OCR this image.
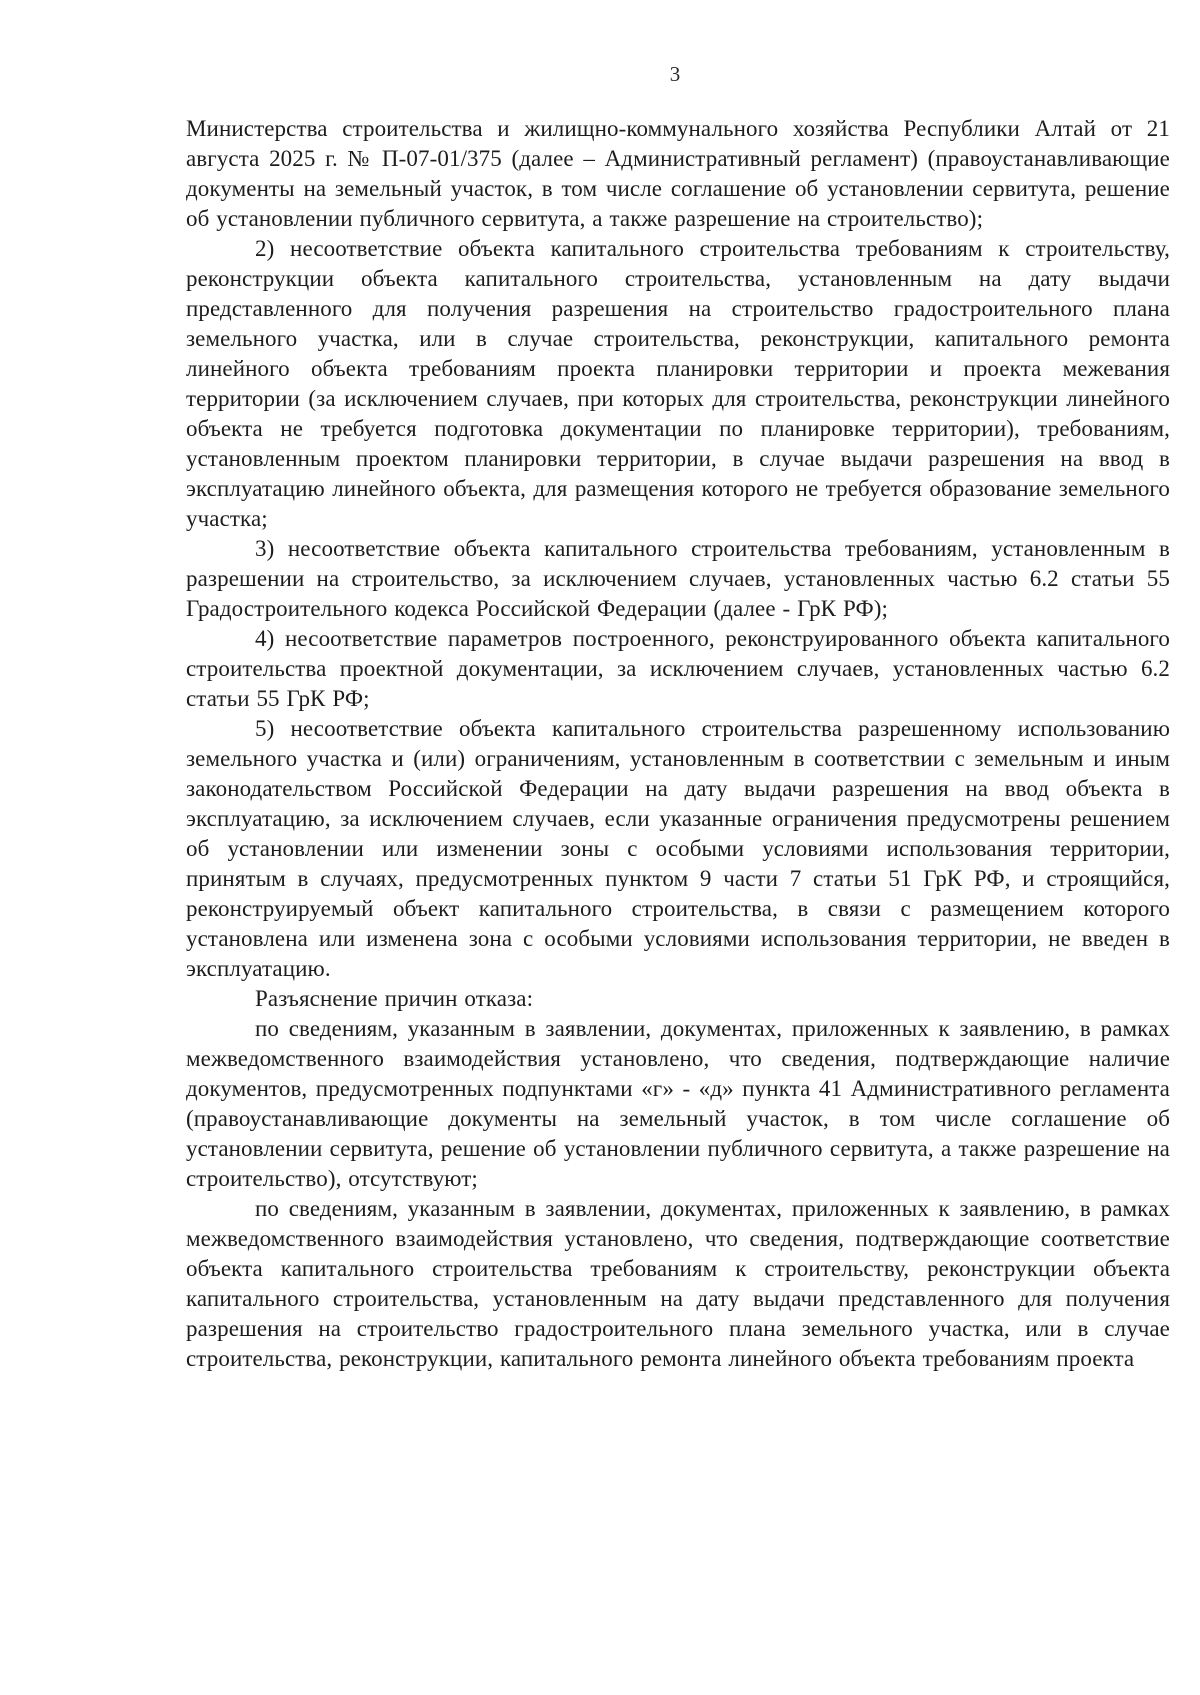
3

Министерства строительства и жилищно-коммунального хозяйства Республики Алтай от 21 августа 2025 г. № П-07-01/375 (далее – Административный регламент) (правоустанавливающие документы на земельный участок, в том числе соглашение об установлении сервитута, решение об установлении публичного сервитута, а также разрешение на строительство);

2) несоответствие объекта капитального строительства требованиям к строительству, реконструкции объекта капитального строительства, установленным на дату выдачи представленного для получения разрешения на строительство градостроительного плана земельного участка, или в случае строительства, реконструкции, капитального ремонта линейного объекта требованиям проекта планировки территории и проекта межевания территории (за исключением случаев, при которых для строительства, реконструкции линейного объекта не требуется подготовка документации по планировке территории), требованиям, установленным проектом планировки территории, в случае выдачи разрешения на ввод в эксплуатацию линейного объекта, для размещения которого не требуется образование земельного участка;

3) несоответствие объекта капитального строительства требованиям, установленным в разрешении на строительство, за исключением случаев, установленных частью 6.2 статьи 55 Градостроительного кодекса Российской Федерации (далее - ГрК РФ);

4) несоответствие параметров построенного, реконструированного объекта капитального строительства проектной документации, за исключением случаев, установленных частью 6.2 статьи 55 ГрК РФ;

5) несоответствие объекта капитального строительства разрешенному использованию земельного участка и (или) ограничениям, установленным в соответствии с земельным и иным законодательством Российской Федерации на дату выдачи разрешения на ввод объекта в эксплуатацию, за исключением случаев, если указанные ограничения предусмотрены решением об установлении или изменении зоны с особыми условиями использования территории, принятым в случаях, предусмотренных пунктом 9 части 7 статьи 51 ГрК РФ, и строящийся, реконструируемый объект капитального строительства, в связи с размещением которого установлена или изменена зона с особыми условиями использования территории, не введен в эксплуатацию.

Разъяснение причин отказа:

по сведениям, указанным в заявлении, документах, приложенных к заявлению, в рамках межведомственного взаимодействия установлено, что сведения, подтверждающие наличие документов, предусмотренных подпунктами «г» - «д» пункта 41 Административного регламента (правоустанавливающие документы на земельный участок, в том числе соглашение об установлении сервитута, решение об установлении публичного сервитута, а также разрешение на строительство), отсутствуют;

по сведениям, указанным в заявлении, документах, приложенных к заявлению, в рамках межведомственного взаимодействия установлено, что сведения, подтверждающие соответствие объекта капитального строительства требованиям к строительству, реконструкции объекта капитального строительства, установленным на дату выдачи представленного для получения разрешения на строительство градостроительного плана земельного участка, или в случае строительства, реконструкции, капитального ремонта линейного объекта требованиям проекта
